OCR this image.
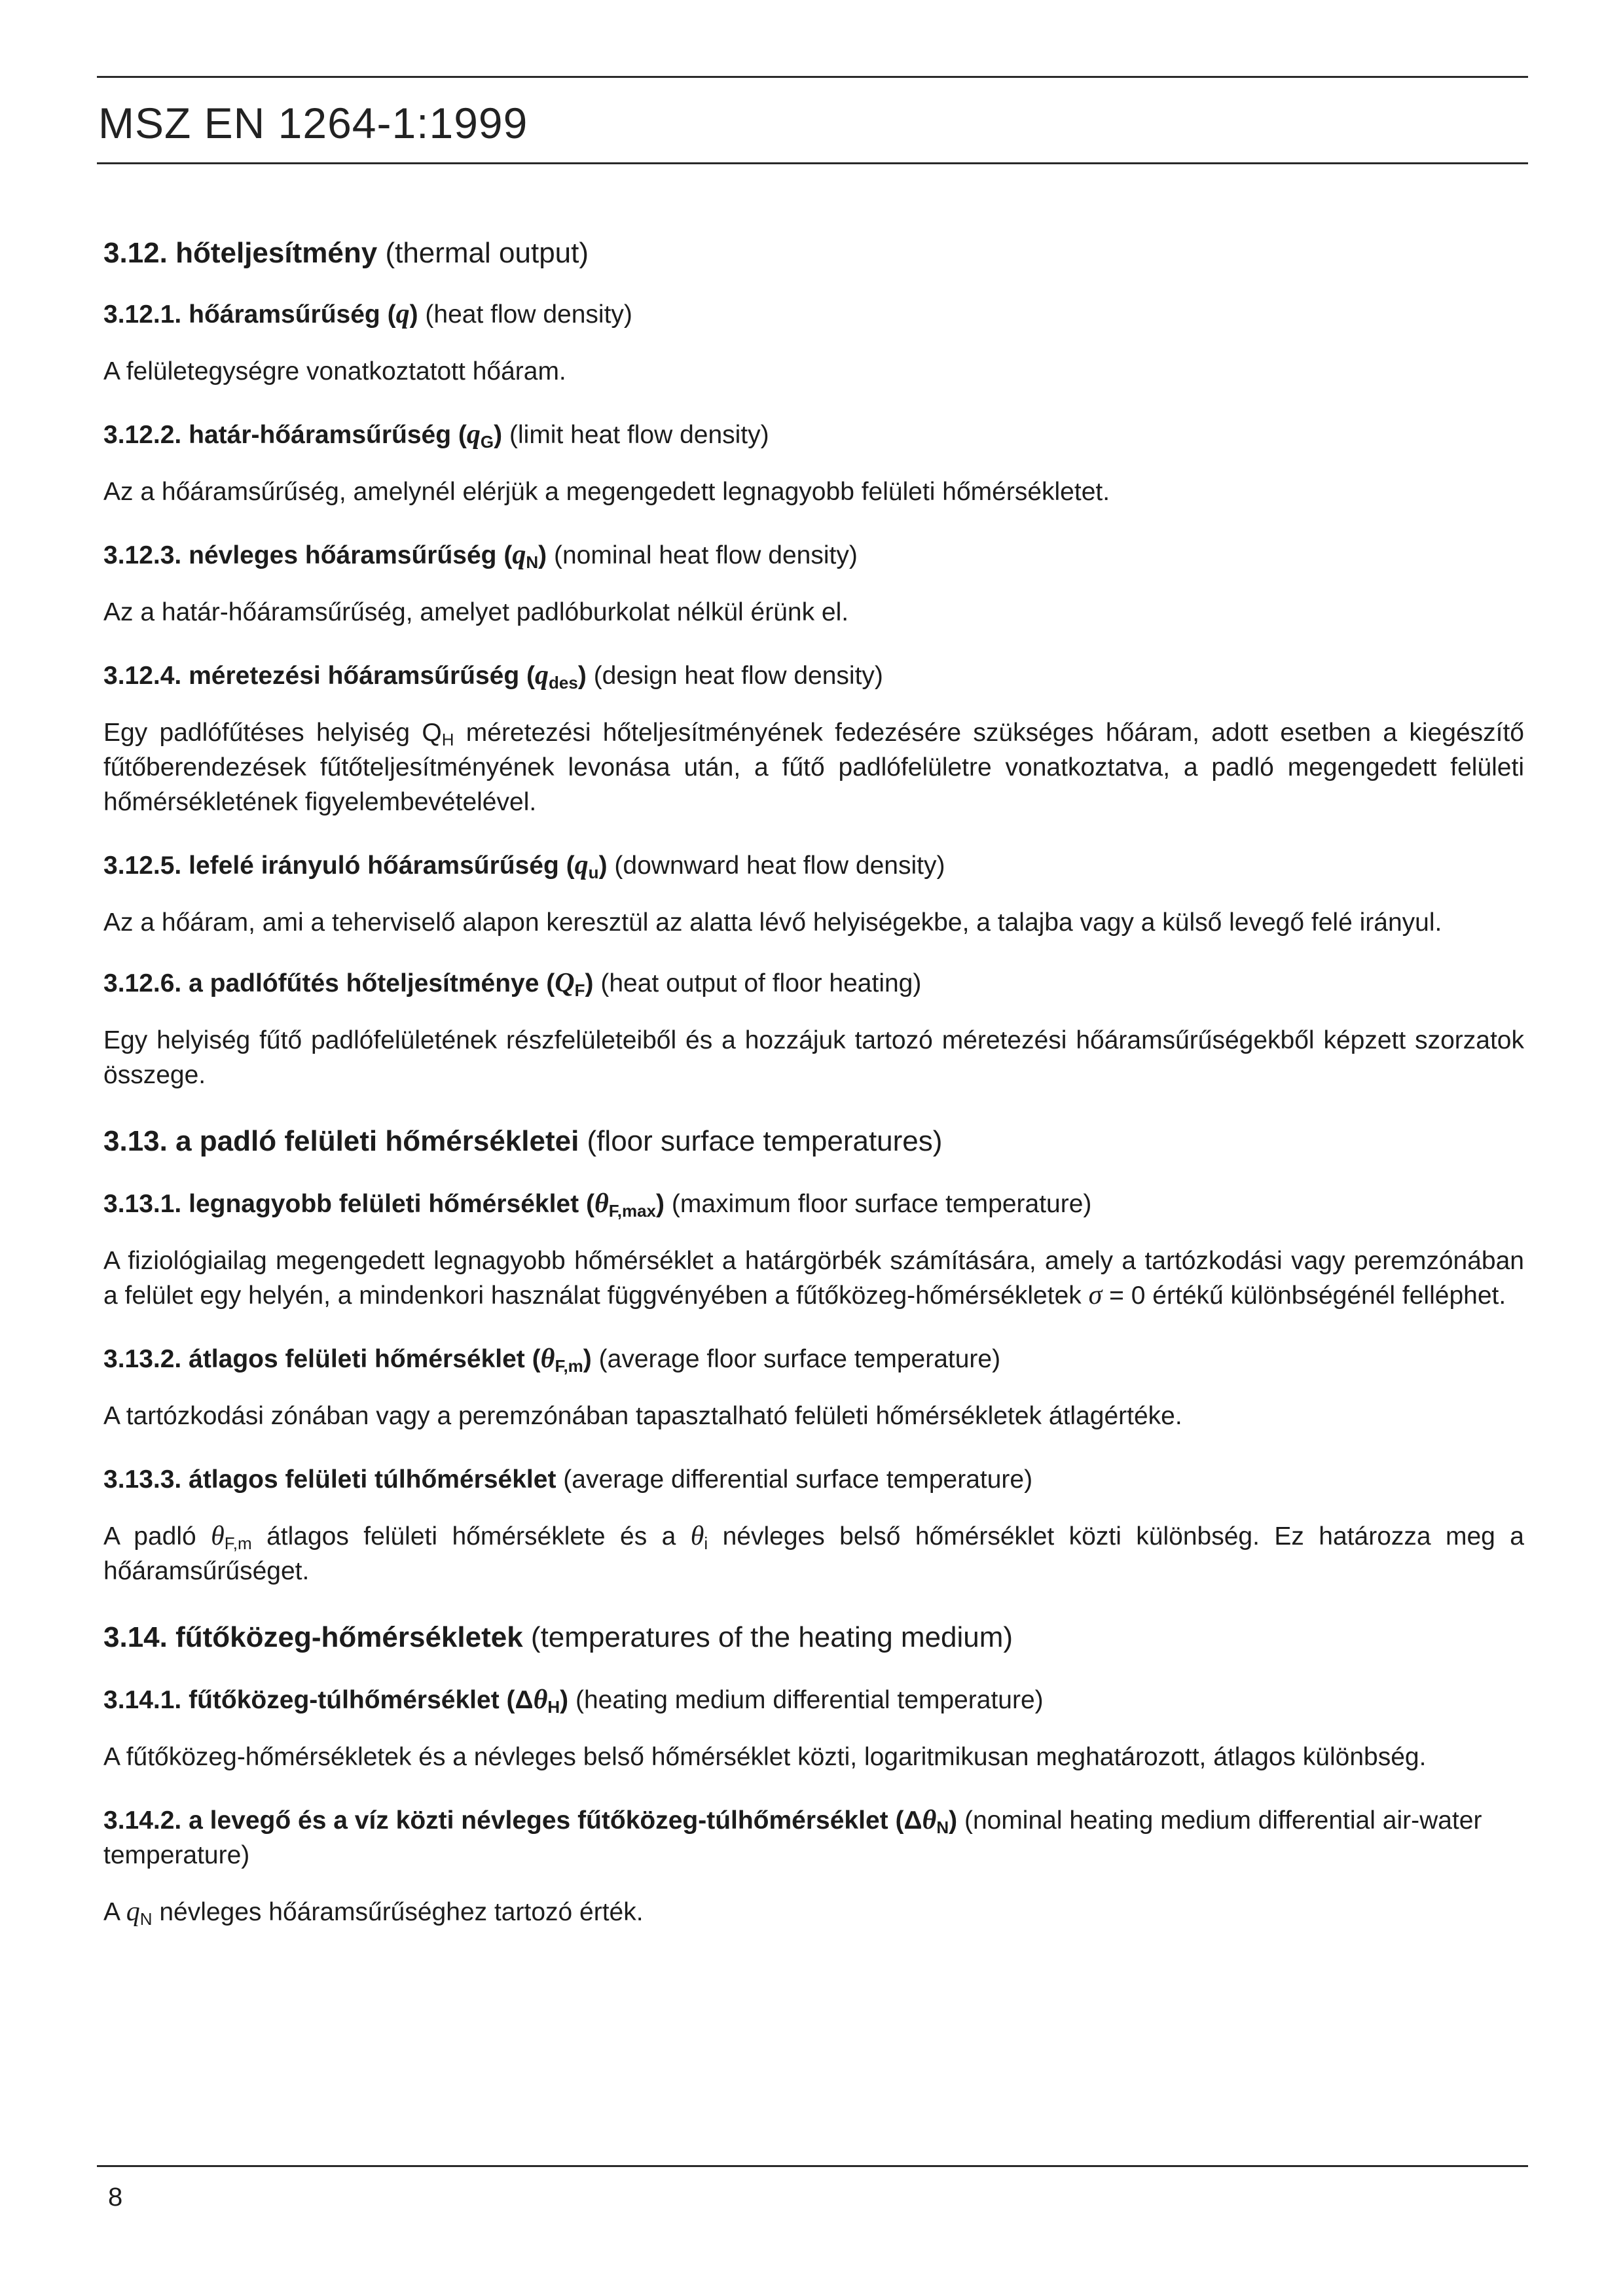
MSZ EN 1264-1:1999

3.12. hőteljesítmény (thermal output)

3.12.1. hőáramsűrűség (q) (heat flow density)

A felületegységre vonatkoztatott hőáram.

3.12.2. határ-hőáramsűrűség $(q_G)$ (limit heat flow density)

Az a hőáramsűrűség, amelynél elérjük a megengedett legnagyobb felületi hőmérsékletet.

3.12.3. névleges hőáramsűrűség $(q_N)$ (nominal heat flow density)

Az a határ-hőáramsűrűség, amelyet padlóburkolat nélkül érünk el.

3.12.4. méretezési hőáramsűrűség $(q_{des})$ (design heat flow density)

Egy padlófűtéses helyiség $Q_H$ méretezési hőteljesítményének fedezésére szükséges hőáram, adott esetben a kiegészítő fűtőberendezések fűtőteljesítményének levonása után, a fűtő padlófelületre vonatkoztatva, a padló megengedett felületi hőmérsékletének figyelembevételével.

3.12.5. lefelé irányuló hőáramsűrűség $(q_u)$ (downward heat flow density)

Az a hőáram, ami a teherviselő alapon keresztül az alatta lévő helyiségekbe, a talajba vagy a külső levegő felé irányul.

3.12.6. a padlófűtés hőteljesítménye $(Q_F)$ (heat output of floor heating)

Egy helyiség fűtő padlófelületének részfelületeiből és a hozzájuk tartozó méretezési hőáramsűrűségekből képzett szorzatok összege.

3.13. a padló felületi hőmérsékletei (floor surface temperatures)

3.13.1. legnagyobb felületi hőmérséklet $(\theta_{F,max})$ (maximum floor surface temperature)

A fiziológiailag megengedett legnagyobb hőmérséklet a határgörbék számítására, amely a tartózkodási vagy peremzónában a felület egy helyén, a mindenkori használat függvényében a fűtőközeg-hőmérsékletek σ = 0 értékű különbségénél felléphet.

3.13.2. átlagos felületi hőmérséklet $(\theta_{F,m})$ (average floor surface temperature)

A tartózkodási zónában vagy a peremzónában tapasztalható felületi hőmérsékletek átlagértéke.

3.13.3. átlagos felületi túlhőmérséklet (average differential surface temperature)

A padló $\theta_{F,m}$ átlagos felületi hőmérséklete és a $\theta_i$ névleges belső hőmérséklet közti különbség. Ez határozza meg a hőáramsűrűséget.

3.14. fűtőközeg-hőmérsékletek (temperatures of the heating medium)

3.14.1. fűtőközeg-túlhőmérséklet $(\Delta\theta_H)$ (heating medium differential temperature)

A fűtőközeg-hőmérsékletek és a névleges belső hőmérséklet közti, logaritmikusan meghatározott, átlagos különbség.

3.14.2. a levegő és a víz közti névleges fűtőközeg-túlhőmérséklet $(\Delta\theta_N)$ (nominal heating medium differential air-water temperature)

A $q_N$ névleges hőáramsűrűséghez tartozó érték.

8
